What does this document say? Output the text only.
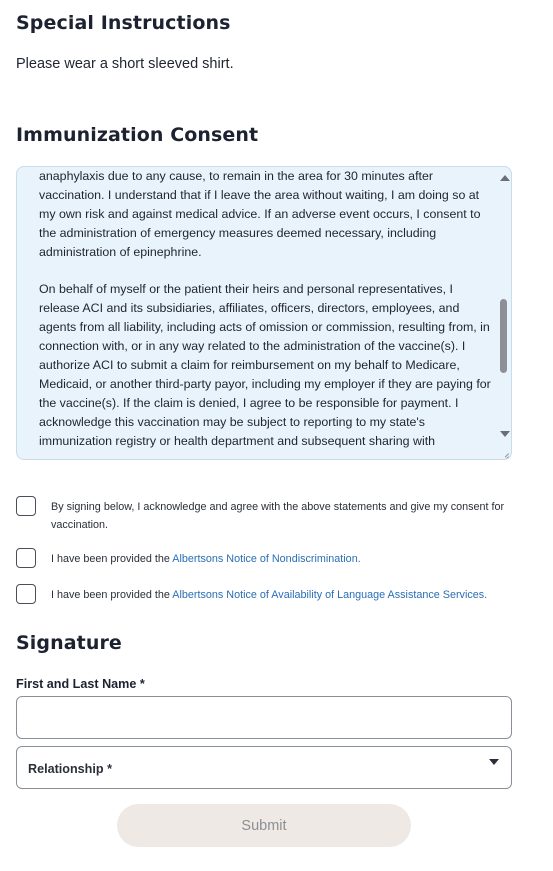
Special Instructions
Please wear a short sleeved shirt.
Immunization Consent

anaphylaxis due to any cause, to remain in the area for 30 minutes after vaccination. I understand that if I leave the area without waiting, I am doing so at my own risk and against medical advice. If an adverse event occurs, I consent to the administration of emergency measures deemed necessary, including administration of epinephrine.

On behalf of myself or the patient their heirs and personal representatives, I release ACI and its subsidiaries, affiliates, officers, directors, employees, and agents from all liability, including acts of omission or commission, resulting from, in connection with, or in any way related to the administration of the vaccine(s). I authorize ACI to submit a claim for reimbursement on my behalf to Medicare, Medicaid, or another third-party payor, including my employer if they are paying for the vaccine(s). If the claim is denied, I agree to be responsible for payment. I acknowledge this vaccination may be subject to reporting to my state's immunization registry or health department and subsequent sharing with

By signing below, I acknowledge and agree with the above statements and give my consent for vaccination.
I have been provided the Albertsons Notice of Nondiscrimination.
I have been provided the Albertsons Notice of Availability of Language Assistance Services.
Signature
First and Last Name *
Relationship *
Submit
